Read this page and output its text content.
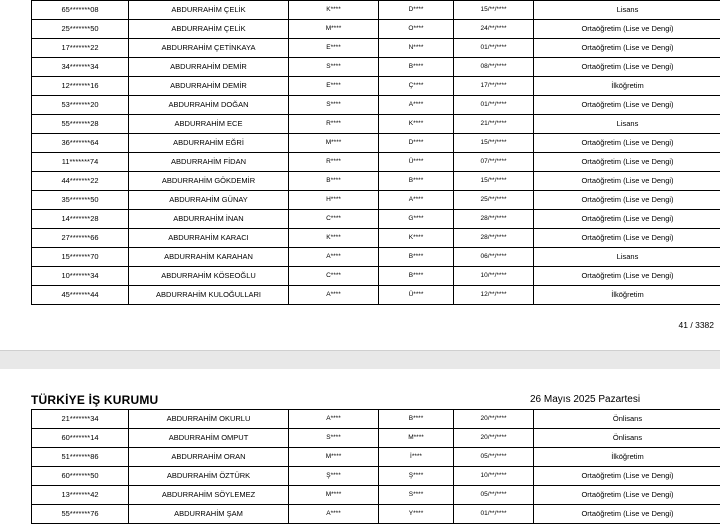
65*******08	ABDURRAHİM ÇELİK	K****	D****	15/**/****	Lisans
25*******50	ABDURRAHİM ÇELİK	M****	O****	24/**/****	Ortaöğretim (Lise ve Dengi)
17*******22	ABDURRAHİM ÇETİNKAYA	E****	N****	01/**/****	Ortaöğretim (Lise ve Dengi)
34*******34	ABDURRAHİM DEMİR	S****	B****	08/**/****	Ortaöğretim (Lise ve Dengi)
12*******16	ABDURRAHİM DEMİR	E****	Ç****	17/**/****	İlköğretim
53*******20	ABDURRAHİM DOĞAN	S****	A****	01/**/****	Ortaöğretim (Lise ve Dengi)
55*******28	ABDURRAHİM ECE	R****	K****	21/**/****	Lisans
36*******64	ABDURRAHİM EĞRİ	M****	D****	15/**/****	Ortaöğretim (Lise ve Dengi)
11*******74	ABDURRAHİM FİDAN	R****	Ü****	07/**/****	Ortaöğretim (Lise ve Dengi)
44*******22	ABDURRAHİM GÖKDEMİR	B****	B****	15/**/****	Ortaöğretim (Lise ve Dengi)
35*******50	ABDURRAHİM GÜNAY	H****	A****	25/**/****	Ortaöğretim (Lise ve Dengi)
14*******28	ABDURRAHİM İNAN	C****	G****	28/**/****	Ortaöğretim (Lise ve Dengi)
27*******66	ABDURRAHİM KARACI	K****	K****	28/**/****	Ortaöğretim (Lise ve Dengi)
15*******70	ABDURRAHİM KARAHAN	A****	B****	06/**/****	Lisans
10*******34	ABDURRAHİM KÖSEOĞLU	C****	B****	10/**/****	Ortaöğretim (Lise ve Dengi)
45*******44	ABDURRAHİM KULOĞULLARI	A****	Ü****	12/**/****	İlköğretim
41 / 3382
TÜRKİYE İŞ KURUMU	26 Mayıs 2025 Pazartesi
21*******34	ABDURRAHİM OKURLU	A****	B****	20/**/****	Önlisans
60*******14	ABDURRAHİM OMPUT	S****	M****	20/**/****	Önlisans
51*******86	ABDURRAHİM ORAN	M****	İ****	05/**/****	İlköğretim
60*******50	ABDURRAHİM ÖZTÜRK	Ş****	Ş****	10/**/****	Ortaöğretim (Lise ve Dengi)
13*******42	ABDURRAHİM SÖYLEMEZ	M****	S****	05/**/****	Ortaöğretim (Lise ve Dengi)
55*******76	ABDURRAHİM ŞAM	A****	Y****	01/**/****	Ortaöğretim (Lise ve Dengi)
